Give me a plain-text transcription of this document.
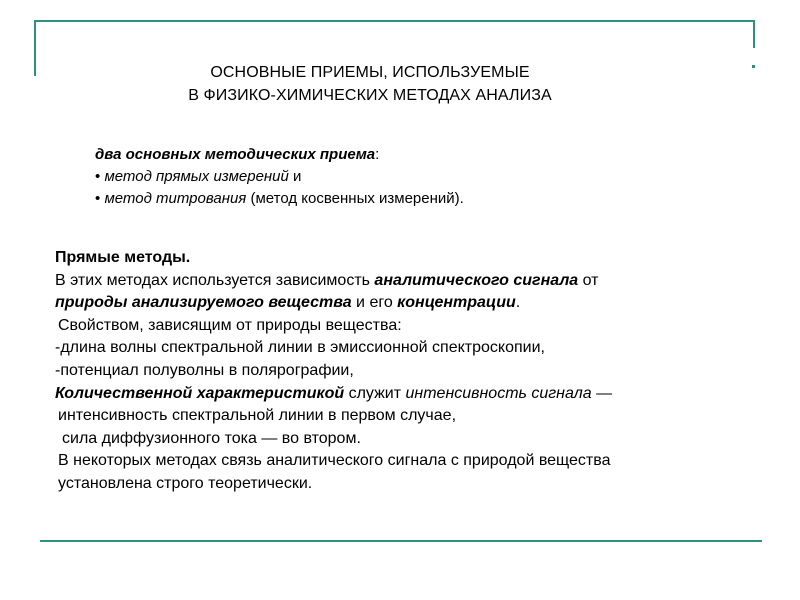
ОСНОВНЫЕ ПРИЕМЫ, ИСПОЛЬЗУЕМЫЕ
В ФИЗИКО-ХИМИЧЕСКИХ МЕТОДАХ АНАЛИЗА
два основных методических приема:
• метод прямых измерений и
• метод титрования (метод косвенных измерений).
Прямые методы.
В этих методах используется зависимость аналитического сигнала от
природы анализируемого вещества и его концентрации.
Свойством, зависящим от природы вещества:
-длина волны спектральной линии в эмиссионной спектроскопии,
-потенциал полуволны в полярографии,
Количественной характеристикой служит интенсивность сигнала —
интенсивность спектральной линии в первом случае,
сила диффузионного тока — во втором.
В некоторых методах связь аналитического сигнала с природой вещества
установлена строго теоретически.
